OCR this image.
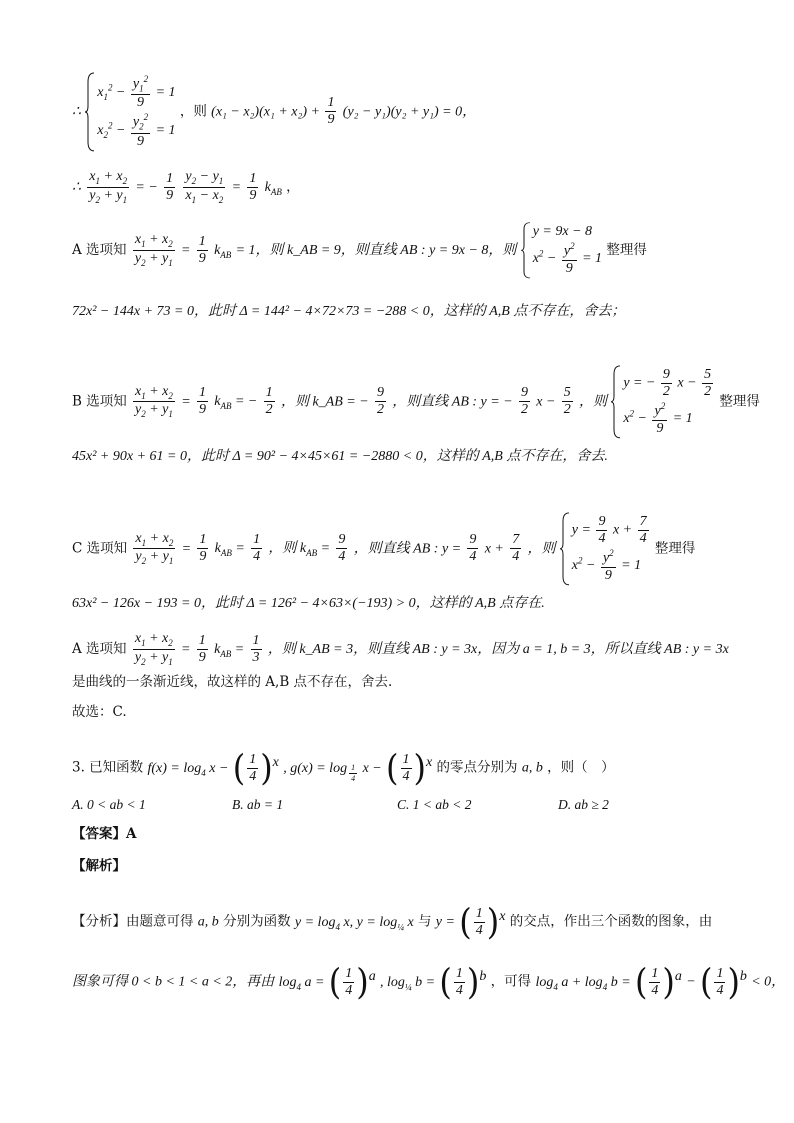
∴
$x_1^2 - \frac{y_1^2}{9} = 1$
$x_2^2 - \frac{y_2^2}{9} = 1$
，则 $(x_1 - x_2)(x_1 + x_2) + \frac{1}{9} (y_2 - y_1)(y_2 + y_1) = 0$，
∴ $\frac{x_1 + x_2}{y_2 + y_1}$ = − $\frac{1}{9}$
$\frac{y_2 - y_1}{x_1 - x_2} = \frac{1}{9} k_{AB}$ ，
A 选项知 $\frac{x_1 + x_2}{y_2 + y_1} = \frac{1}{9} k_{AB} = 1$，则 k_AB = 9，则直线 AB : y = 9x − 8，则
y = 9x − 8
$x^2 - \frac{y^2}{9} = 1$
整理得
72x² − 144x + 73 = 0，此时 Δ = 144² − 4×72×73 = −288 < 0，这样的 A,B 点不存在，舍去；
B 选项知 $\frac{x_1 + x_2}{y_2 + y_1} = \frac{1}{9} k_{AB}$ = − $\frac{1}{2}$ ，则 k_AB = − $\frac{9}{2}$ ，则直线 AB : y = − $\frac{9}{2}$ $x - \frac{5}{2}$ ，则
y = − $\frac{9}{2}$ $x - \frac{5}{2}$
$x^2 - \frac{y^2}{9} = 1$
整理得
45x² + 90x + 61 = 0，此时 Δ = 90² − 4×45×61 = −2880 < 0，这样的 A,B 点不存在，舍去.
C 选项知 $\frac{x_1 + x_2}{y_2 + y_1} = \frac{1}{9} k_{AB} = \frac{1}{4}$ ，则 $k_{AB} = \frac{9}{4}$ ，则直线 AB : $y = \frac{9}{4}$ $x + \frac{7}{4}$ ，则
$y = \frac{9}{4}$ $x + \frac{7}{4}$
$x^2 - \frac{y^2}{9} = 1$
整理得
63x² − 126x − 193 = 0，此时 Δ = 126² − 4×63×(−193) > 0，这样的 A,B 点存在.
A 选项知 $\frac{x_1 + x_2}{y_2 + y_1} = \frac{1}{9} k_{AB} = \frac{1}{3}$ ，则 k_AB = 3，则直线 AB : y = 3x，因为 a = 1, b = 3，所以直线 AB : y = 3x
是曲线的一条渐近线，故这样的 A,B 点不存在，舍去.
故选：C.
3. 已知函数 $f(x) = \log_4 x$ − ( $\frac{1}{4} )^x$ , g(x) = log $_{\frac{1}{4}}$ x − ( $\frac{1}{4} )^x$ 的零点分别为 a, b ，则（　）
A. 0 < ab < 1	B. ab = 1	C. 1 < ab < 2	D. ab ≥ 2
【答案】A
【解析】
【分析】由题意可得 a, b 分别为函数 $y = \log_4 x$, $y = \log_{\frac{1}{4}} x$ 与 y = ( $\frac{1}{4} )^x$ 的交点，作出三个函数的图象，由
图象可得 0 < b < 1 < a < 2，再由 $\log_4 a$ = ( $\frac{1}{4} )^a$ , $\log_{\frac{1}{4}} b$ = ( $\frac{1}{4} )^b$ ，可得 $\log_4 a + \log_4 b$ = ( $\frac{1}{4} )^a$ − ( $\frac{1}{4} )^b < 0$，
